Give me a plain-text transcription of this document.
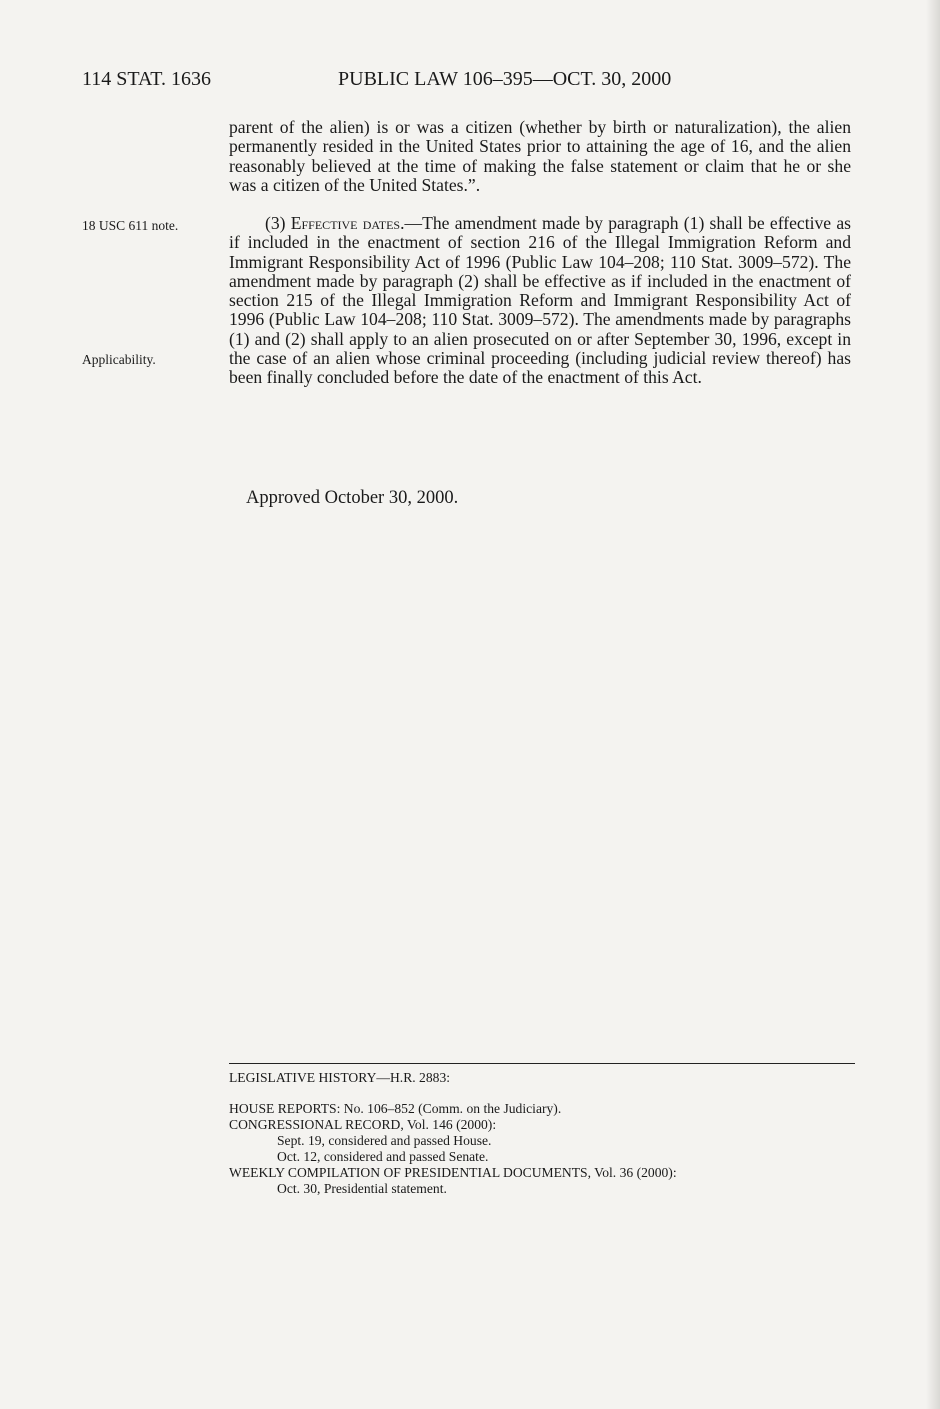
114 STAT. 1636	PUBLIC LAW 106–395—OCT. 30, 2000
parent of the alien) is or was a citizen (whether by birth or naturalization), the alien permanently resided in the United States prior to attaining the age of 16, and the alien reasonably believed at the time of making the false statement or claim that he or she was a citizen of the United States.”.
18 USC 611 note.	(3) Effective dates.—The amendment made by paragraph (1) shall be effective as if included in the enactment of section 216 of the Illegal Immigration Reform and Immigrant Responsibility Act of 1996 (Public Law 104–208; 110 Stat. 3009–572). The amendment made by paragraph (2) shall be effective as if included in the enactment of section 215 of the Illegal Immigration Reform and Immigrant Responsibility Act of 1996 (Public Law 104–208; 110 Stat. 3009–572). The amendments made by paragraphs (1) and (2) shall apply to an alien prosecuted on or after September 30, 1996, except in the case of an alien whose criminal proceeding (including judicial review thereof) has been finally concluded before the date of the enactment of this Act.
Applicability.
Approved October 30, 2000.
LEGISLATIVE HISTORY—H.R. 2883:
HOUSE REPORTS: No. 106–852 (Comm. on the Judiciary).
CONGRESSIONAL RECORD, Vol. 146 (2000):
Sept. 19, considered and passed House.
Oct. 12, considered and passed Senate.
WEEKLY COMPILATION OF PRESIDENTIAL DOCUMENTS, Vol. 36 (2000):
Oct. 30, Presidential statement.
